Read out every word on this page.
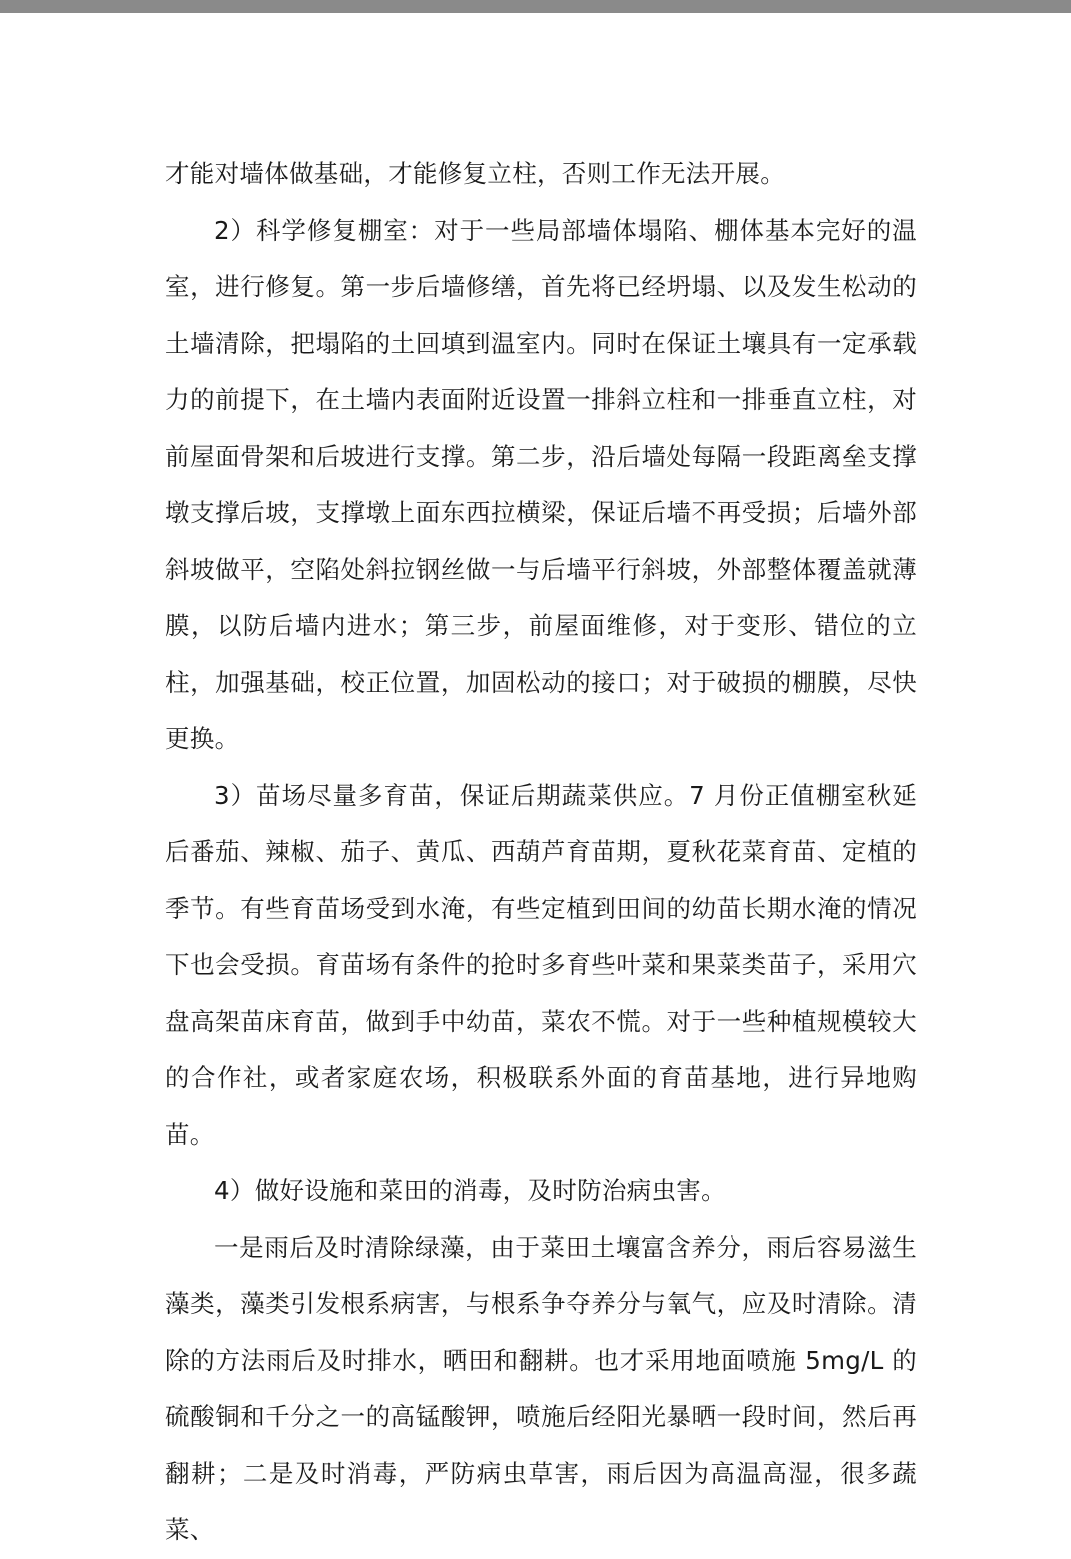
才能对墙体做基础，才能修复立柱，否则工作无法开展。

2）科学修复棚室：对于一些局部墙体塌陷、棚体基本完好的温室，进行修复。第一步后墙修缮，首先将已经坍塌、以及发生松动的土墙清除，把塌陷的土回填到温室内。同时在保证土壤具有一定承载力的前提下，在土墙内表面附近设置一排斜立柱和一排垂直立柱，对前屋面骨架和后坡进行支撑。第二步，沿后墙处每隔一段距离垒支撑墩支撑后坡，支撑墩上面东西拉横梁，保证后墙不再受损；后墙外部斜坡做平，空陷处斜拉钢丝做一与后墙平行斜坡，外部整体覆盖就薄膜，以防后墙内进水；第三步，前屋面维修，对于变形、错位的立柱，加强基础，校正位置，加固松动的接口；对于破损的棚膜，尽快更换。

3）苗场尽量多育苗，保证后期蔬菜供应。7 月份正值棚室秋延后番茄、辣椒、茄子、黄瓜、西葫芦育苗期，夏秋花菜育苗、定植的季节。有些育苗场受到水淹，有些定植到田间的幼苗长期水淹的情况下也会受损。育苗场有条件的抢时多育些叶菜和果菜类苗子，采用穴盘高架苗床育苗，做到手中幼苗，菜农不慌。对于一些种植规模较大的合作社，或者家庭农场，积极联系外面的育苗基地，进行异地购苗。

4）做好设施和菜田的消毒，及时防治病虫害。

一是雨后及时清除绿藻，由于菜田土壤富含养分，雨后容易滋生藻类，藻类引发根系病害，与根系争夺养分与氧气，应及时清除。清除的方法雨后及时排水，晒田和翻耕。也才采用地面喷施 5mg/L 的硫酸铜和千分之一的高锰酸钾，喷施后经阳光暴晒一段时间，然后再翻耕；二是及时消毒，严防病虫草害，雨后因为高温高湿，很多蔬菜、
